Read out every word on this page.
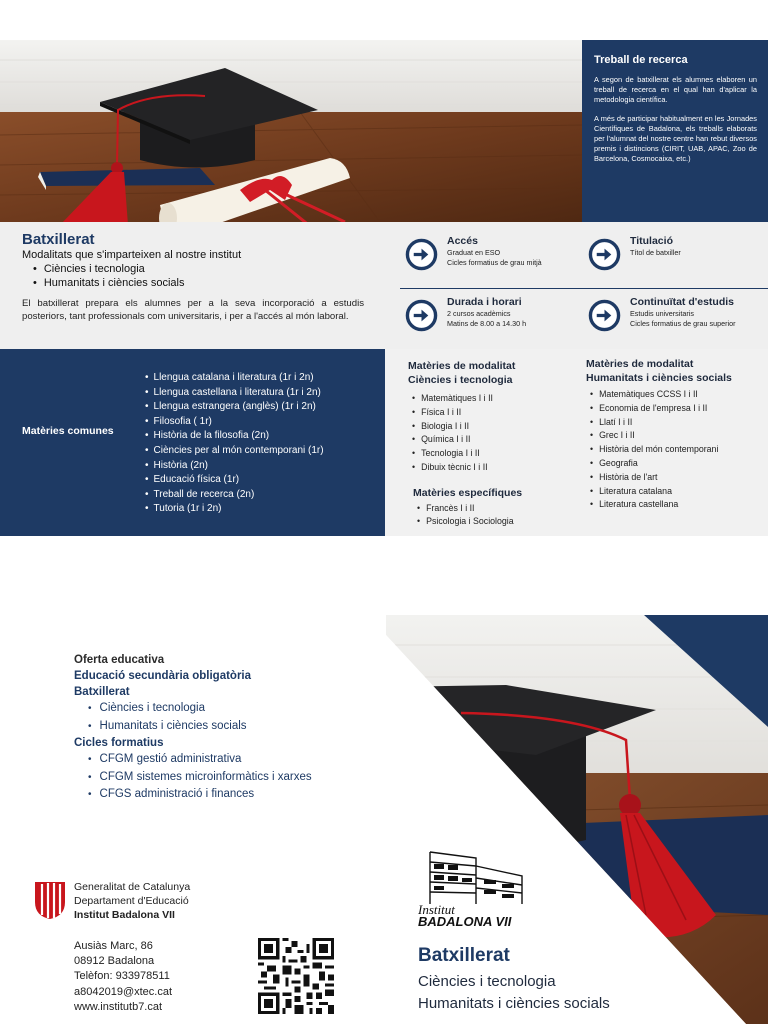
Treball de recerca

A segon de batxillerat els alumnes elaboren un treball de recerca en el qual han d'aplicar la metodologia científica.

A més de participar habitualment en les Jornades Científiques de Badalona, els treballs elaborats per l'alumnat del nostre centre han rebut diversos premis i distincions (CIRIT, UAB, APAC, Zoo de Barcelona, Cosmocaixa, etc.)

Batxillerat
Modalitats que s'imparteixen al nostre institut
• Ciències i tecnologia
• Humanitats i ciències socials
El batxillerat prepara els alumnes per a la seva incorporació a estudis posteriors, tant professionals com universitaris, i per a l'accés al món laboral.
Accés
Graduat en ESO
Cicles formatius de grau mitjà
Titulació
Títol de batxiller
Durada i horari
2 cursos acadèmics
Matins de 8.00 a 14.30 h
Continuïtat d'estudis
Estudis universitaris
Cicles formatius de grau superior
Matèries comunes
• Llengua catalana i literatura (1r i 2n)
• Llengua castellana i literatura (1r i 2n)
• Llengua estrangera (anglès) (1r i 2n)
• Filosofia ( 1r)
• Història de la filosofia (2n)
• Ciències per al món contemporani (1r)
• Història (2n)
• Educació física (1r)
• Treball de recerca (2n)
• Tutoria (1r i 2n)
Matèries de modalitat
Ciències i tecnologia
• Matemàtiques I i II
• Física I i II
• Biologia I i II
• Química I i II
• Tecnologia I i II
• Dibuix tècnic I i II
Matèries específiques
• Francès I i II
• Psicologia i Sociologia
Matèries de modalitat
Humanitats i ciències socials
• Matemàtiques CCSS I i II
• Economia de l'empresa I i II
• Llatí I i II
• Grec I i II
• Història del món contemporani
• Geografia
• Història de l'art
• Literatura catalana
• Literatura castellana
Oferta educativa
Educació secundària obligatòria
Batxillerat
• Ciències i tecnologia
• Humanitats i ciències socials
Cicles formatius
• CFGM gestió administrativa
• CFGM sistemes microinformàtics i xarxes
• CFGS administració i finances
Generalitat de Catalunya
Departament d'Educació
Institut Badalona VII
Ausiàs Marc, 86
08912 Badalona
Telèfon: 933978511
a8042019@xtec.cat
www.institutb7.cat
Institut
BADALONA VII
Batxillerat
Ciències i tecnologia
Humanitats i ciències socials
